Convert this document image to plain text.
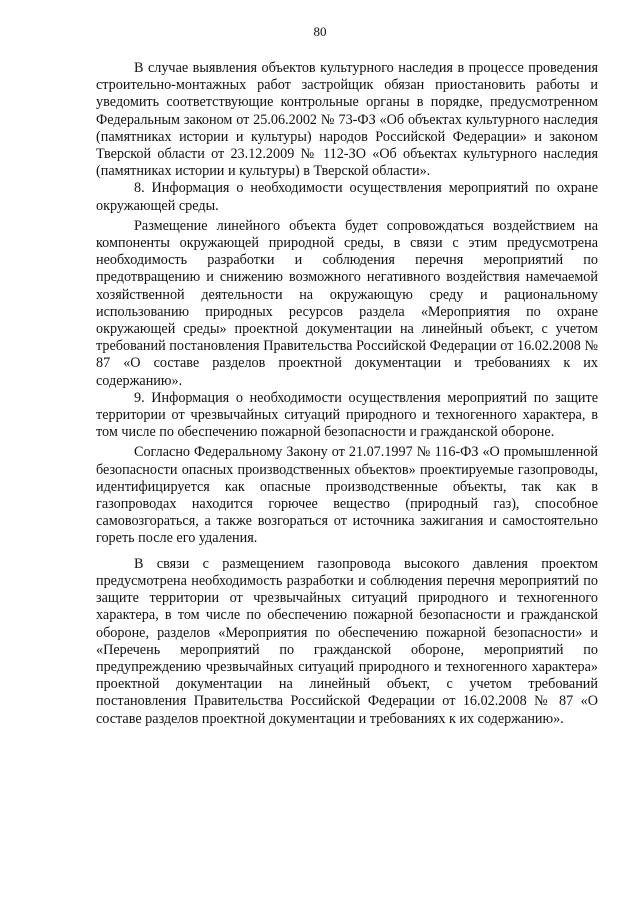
80

В случае выявления объектов культурного наследия в процессе проведения строительно-монтажных работ застройщик обязан приостановить работы и уведомить соответствующие контрольные органы в порядке, предусмотренном Федеральным законом от 25.06.2002 № 73-ФЗ «Об объектах культурного наследия (памятниках истории и культуры) народов Российской Федерации» и законом Тверской области от 23.12.2009 № 112-ЗО «Об объектах культурного наследия (памятниках истории и культуры) в Тверской области».

8. Информация о необходимости осуществления мероприятий по охране окружающей среды.

Размещение линейного объекта будет сопровождаться воздействием на компоненты окружающей природной среды, в связи с этим предусмотрена необходимость разработки и соблюдения перечня мероприятий по предотвращению и снижению возможного негативного воздействия намечаемой хозяйственной деятельности на окружающую среду и рациональному использованию природных ресурсов раздела «Мероприятия по охране окружающей среды» проектной документации на линейный объект, с учетом требований постановления Правительства Российской Федерации от 16.02.2008 № 87 «О составе разделов проектной документации и требованиях к их содержанию».

9. Информация о необходимости осуществления мероприятий по защите территории от чрезвычайных ситуаций природного и техногенного характера, в том числе по обеспечению пожарной безопасности и гражданской обороне.

Согласно Федеральному Закону от 21.07.1997 № 116-ФЗ «О промышленной безопасности опасных производственных объектов» проектируемые газопроводы, идентифицируется как опасные производственные объекты, так как в газопроводах находится горючее вещество (природный газ), способное самовозгораться, а также возгораться от источника зажигания и самостоятельно гореть после его удаления.

В связи с размещением газопровода высокого давления проектом предусмотрена необходимость разработки и соблюдения перечня мероприятий по защите территории от чрезвычайных ситуаций природного и техногенного характера, в том числе по обеспечению пожарной безопасности и гражданской обороне, разделов «Мероприятия по обеспечению пожарной безопасности» и «Перечень мероприятий по гражданской обороне, мероприятий по предупреждению чрезвычайных ситуаций природного и техногенного характера» проектной документации на линейный объект, с учетом требований постановления Правительства Российской Федерации от 16.02.2008 № 87 «О составе разделов проектной документации и требованиях к их содержанию».
